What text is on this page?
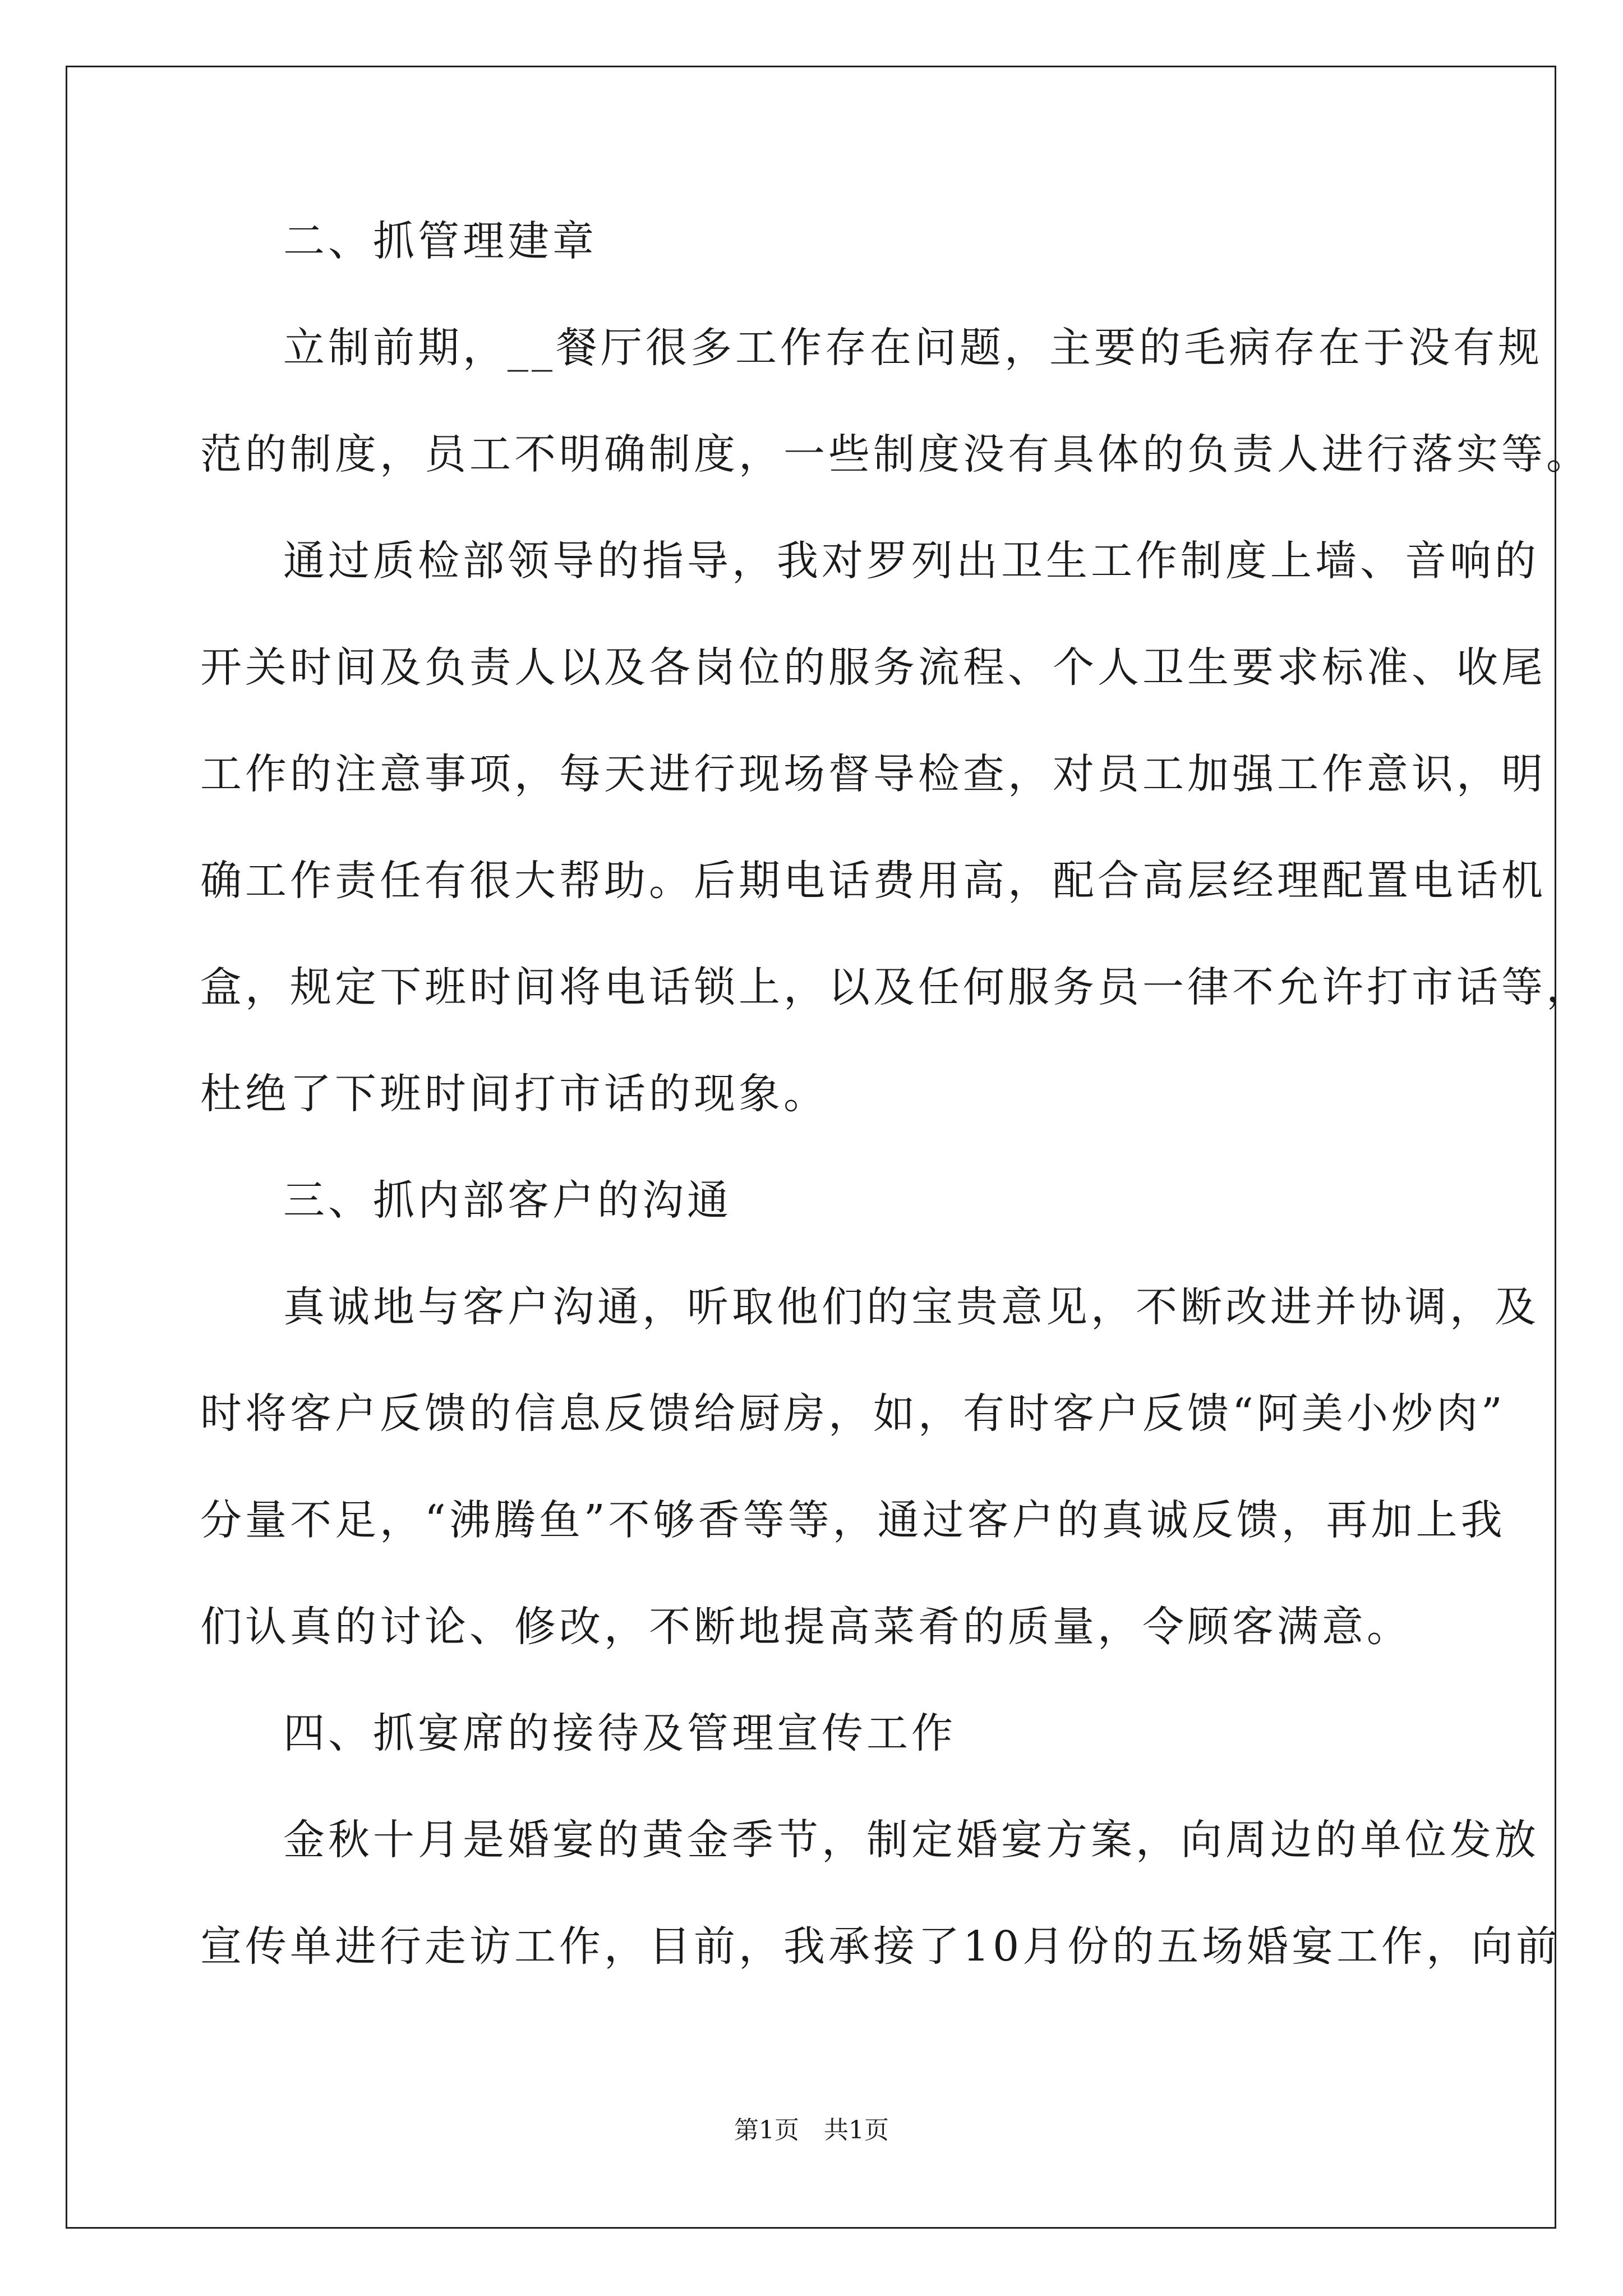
二、抓管理建章
立制前期，__餐厅很多工作存在问题，主要的毛病存在于没有规
范的制度，员工不明确制度，一些制度没有具体的负责人进行落实等。
通过质检部领导的指导，我对罗列出卫生工作制度上墙、音响的
开关时间及负责人以及各岗位的服务流程、个人卫生要求标准、收尾
工作的注意事项，每天进行现场督导检查，对员工加强工作意识，明
确工作责任有很大帮助。后期电话费用高，配合高层经理配置电话机
盒，规定下班时间将电话锁上，以及任何服务员一律不允许打市话等，
杜绝了下班时间打市话的现象。
三、抓内部客户的沟通
真诚地与客户沟通，听取他们的宝贵意见，不断改进并协调，及
时将客户反馈的信息反馈给厨房，如，有时客户反馈“阿美小炒肉”
分量不足，“沸腾鱼”不够香等等，通过客户的真诚反馈，再加上我
们认真的讨论、修改，不断地提高菜肴的质量，令顾客满意。
四、抓宴席的接待及管理宣传工作
金秋十月是婚宴的黄金季节，制定婚宴方案，向周边的单位发放
宣传单进行走访工作，目前，我承接了10月份的五场婚宴工作，向前
第1页　共1页
